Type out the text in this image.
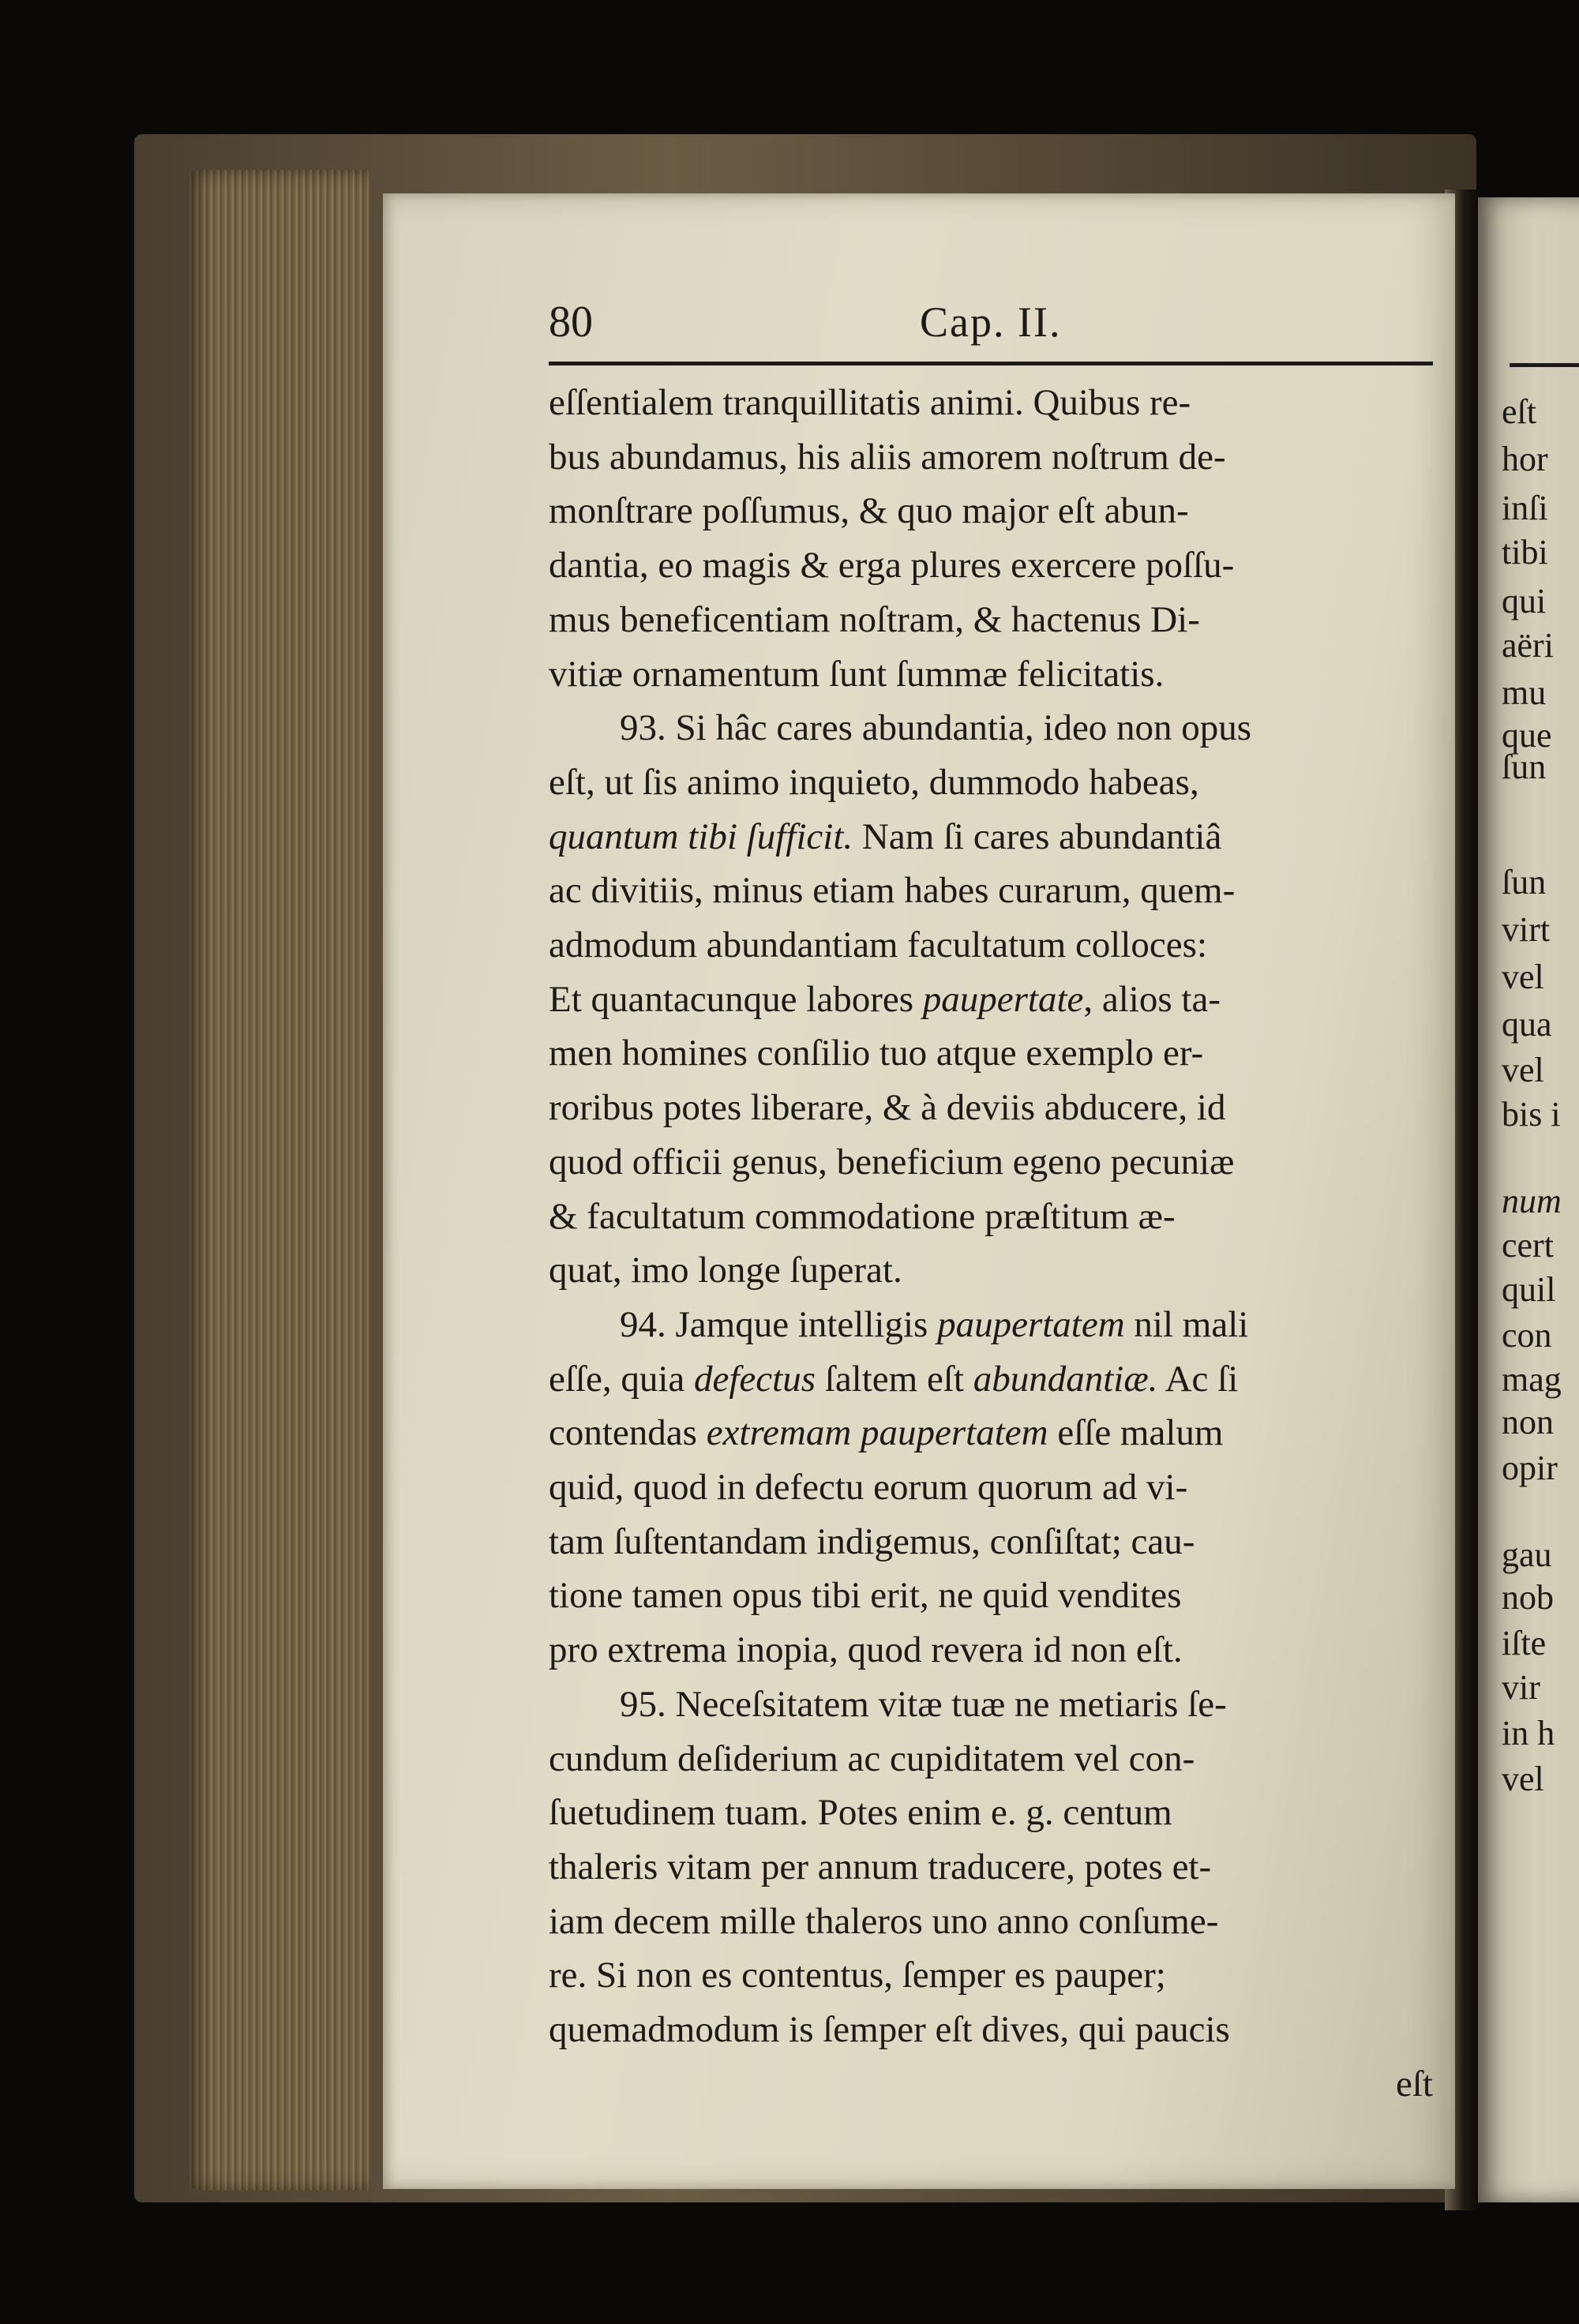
eſt
hor
inſi
tibi
qui
aëri
mu
que
ſun
ſun
virt
vel
qua
vel
bis i
num
cert
quil
con
mag
non
opir
gau
nob
iſte
vir
in h
vel
80	Cap. II.
eſſentialem tranquillitatis animi. Quibus re-
bus abundamus, his aliis amorem noſtrum de-
monſtrare poſſumus, & quo major eſt abun-
dantia, eo magis & erga plures exercere poſſu-
mus beneficentiam noſtram, & hactenus Di-
vitiæ ornamentum ſunt ſummæ felicitatis.
93. Si hâc cares abundantia, ideo non opus
eſt, ut ſis animo inquieto, dummodo habeas,
quantum tibi ſufficit. Nam ſi cares abundantiâ
ac divitiis, minus etiam habes curarum, quem-
admodum abundantiam facultatum colloces:
Et quantacunque labores paupertate, alios ta-
men homines conſilio tuo atque exemplo er-
roribus potes liberare, & à deviis abducere, id
quod officii genus, beneficium egeno pecuniæ
& facultatum commodatione præſtitum æ-
quat, imo longe ſuperat.
94. Jamque intelligis paupertatem nil mali
eſſe, quia defectus ſaltem eſt abundantiæ. Ac ſi
contendas extremam paupertatem eſſe malum
quid, quod in defectu eorum quorum ad vi-
tam ſuſtentandam indigemus, conſiſtat; cau-
tione tamen opus tibi erit, ne quid vendites
pro extrema inopia, quod revera id non eſt.
95. Neceſsitatem vitæ tuæ ne metiaris ſe-
cundum deſiderium ac cupiditatem vel con-
ſuetudinem tuam. Potes enim e. g. centum
thaleris vitam per annum traducere, potes et-
iam decem mille thaleros uno anno conſume-
re. Si non es contentus, ſemper es pauper;
quemadmodum is ſemper eſt dives, qui paucis
eſt
